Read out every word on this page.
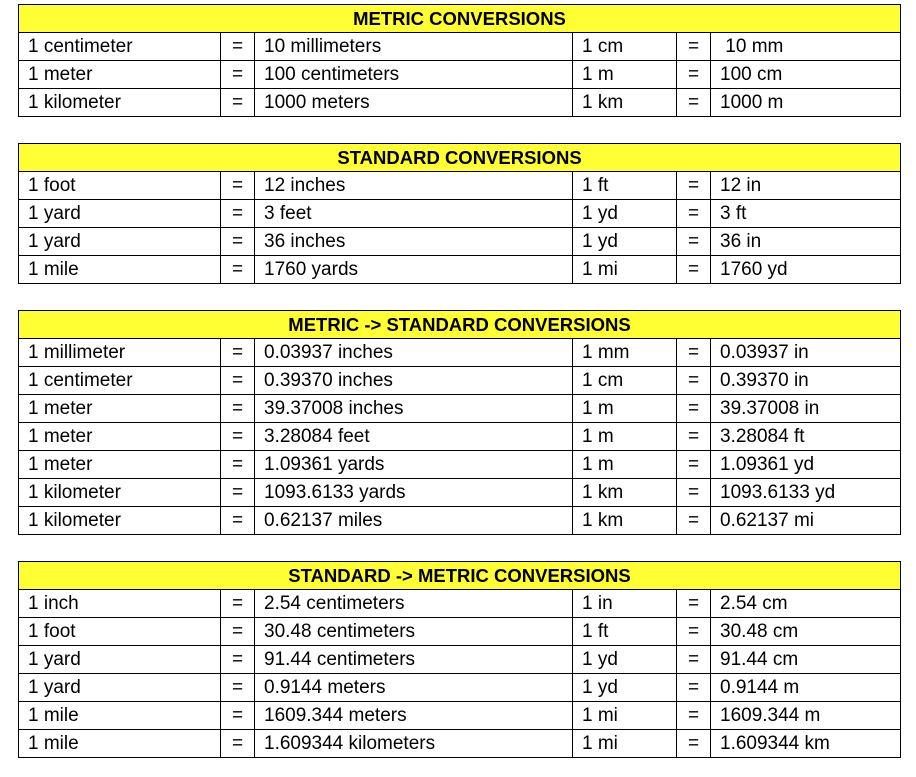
METRIC CONVERSIONS					
1 centimeter	=	10 millimeters	1 cm	=	10 mm
1 meter	=	100 centimeters	1 m	=	100 cm
1 kilometer	=	1000 meters	1 km	=	1000 m
STANDARD CONVERSIONS					
1 foot	=	12 inches	1 ft	=	12 in
1 yard	=	3 feet	1 yd	=	3 ft
1 yard	=	36 inches	1 yd	=	36 in
1 mile	=	1760 yards	1 mi	=	1760 yd
METRIC -> STANDARD CONVERSIONS					
1 millimeter	=	0.03937 inches	1 mm	=	0.03937 in
1 centimeter	=	0.39370 inches	1 cm	=	0.39370 in
1 meter	=	39.37008 inches	1 m	=	39.37008 in
1 meter	=	3.28084 feet	1 m	=	3.28084 ft
1 meter	=	1.09361 yards	1 m	=	1.09361 yd
1 kilometer	=	1093.6133 yards	1 km	=	1093.6133 yd
1 kilometer	=	0.62137 miles	1 km	=	0.62137 mi
STANDARD -> METRIC CONVERSIONS					
1 inch	=	2.54 centimeters	1 in	=	2.54 cm
1 foot	=	30.48 centimeters	1 ft	=	30.48 cm
1 yard	=	91.44 centimeters	1 yd	=	91.44 cm
1 yard	=	0.9144 meters	1 yd	=	0.9144 m
1 mile	=	1609.344 meters	1 mi	=	1609.344 m
1 mile	=	1.609344 kilometers	1 mi	=	1.609344 km
